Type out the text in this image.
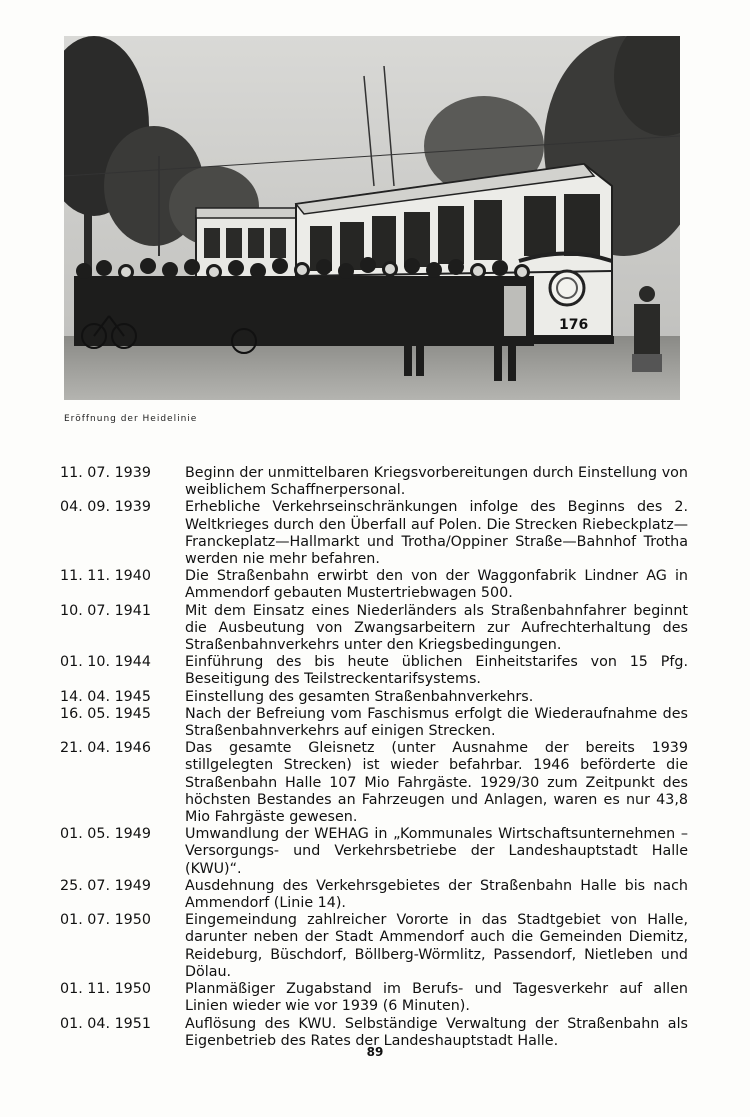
176
Eröffnung der Heidelinie
11. 07. 1939	Beginn der unmittelbaren Kriegsvorbereitungen durch Einstellung von weiblichem Schaffnerpersonal.
04. 09. 1939	Erhebliche Verkehrseinschränkungen infolge des Beginns des 2. Weltkrieges durch den Überfall auf Polen. Die Strecken Riebeckplatz—Franckeplatz—Hallmarkt und Trotha/Oppiner Straße—Bahnhof Trotha werden nie mehr befahren.
11. 11. 1940	Die Straßenbahn erwirbt den von der Waggonfabrik Lindner AG in Ammendorf gebauten Mustertriebwagen 500.
10. 07. 1941	Mit dem Einsatz eines Niederländers als Straßenbahnfahrer beginnt die Ausbeutung von Zwangsarbeitern zur Aufrechterhaltung des Straßenbahnverkehrs unter den Kriegsbedingungen.
01. 10. 1944	Einführung des bis heute üblichen Einheitstarifes von 15 Pfg. Beseitigung des Teilstreckentarifsystems.
14. 04. 1945	Einstellung des gesamten Straßenbahnverkehrs.
16. 05. 1945	Nach der Befreiung vom Faschismus erfolgt die Wiederaufnahme des Straßenbahnverkehrs auf einigen Strecken.
21. 04. 1946	Das gesamte Gleisnetz (unter Ausnahme der bereits 1939 stillgelegten Strecken) ist wieder befahrbar. 1946 beförderte die Straßenbahn Halle 107 Mio Fahrgäste. 1929/30 zum Zeitpunkt des höchsten Bestandes an Fahrzeugen und Anlagen, waren es nur 43,8 Mio Fahrgäste gewesen.
01. 05. 1949	Umwandlung der WEHAG in „Kommunales Wirtschaftsunternehmen – Versorgungs- und Verkehrsbetriebe der Landeshauptstadt Halle (KWU)“.
25. 07. 1949	Ausdehnung des Verkehrsgebietes der Straßenbahn Halle bis nach Ammendorf (Linie 14).
01. 07. 1950	Eingemeindung zahlreicher Vororte in das Stadtgebiet von Halle, darunter neben der Stadt Ammendorf auch die Gemeinden Diemitz, Reideburg, Büschdorf, Böllberg-Wörmlitz, Passendorf, Nietleben und Dölau.
01. 11. 1950	Planmäßiger Zugabstand im Berufs- und Tagesverkehr auf allen Linien wieder wie vor 1939 (6 Minuten).
01. 04. 1951	Auflösung des KWU. Selbständige Verwaltung der Straßenbahn als Eigenbetrieb des Rates der Landeshauptstadt Halle.
89
